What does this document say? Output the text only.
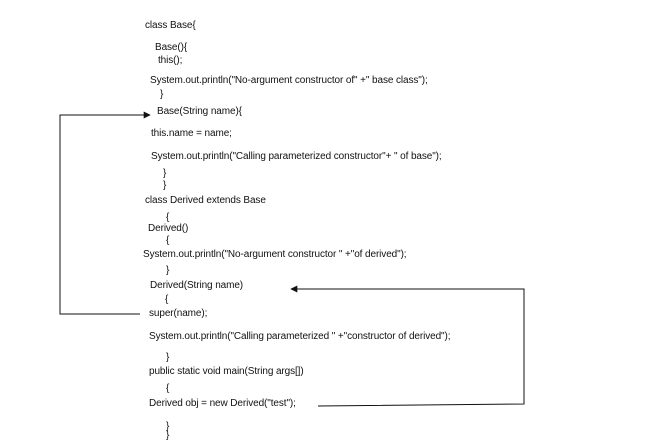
class Base{
Base(){
this();
System.out.println("No-argument constructor of" +" base class");
}
Base(String name){
this.name = name;
System.out.println("Calling parameterized constructor"+ " of base");
}
}
class Derived extends Base
{
Derived()
{
System.out.println("No-argument constructor " +"of derived");
}
Derived(String name)
{
super(name);
System.out.println("Calling parameterized " +"constructor of derived");
}
public static void main(String args[])
{
Derived obj = new Derived("test");
}
}
